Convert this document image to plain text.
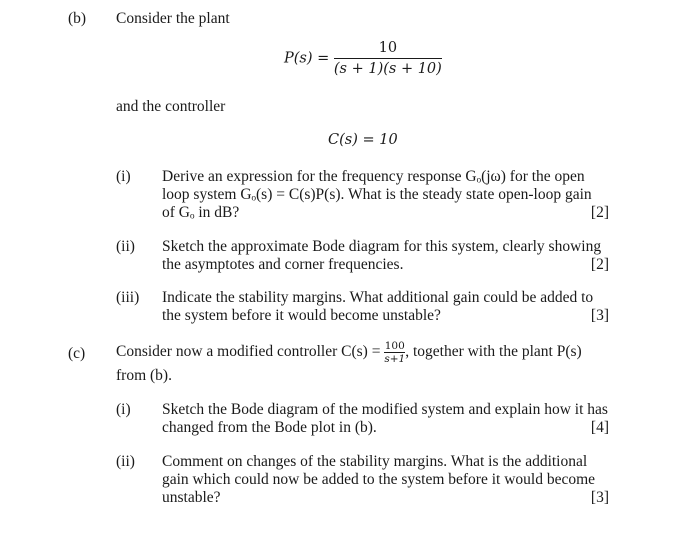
(b) Consider the plant
$P(s) = \frac{10}{(s + 1)(s + 10)}$
and the controller
C(s) = 10
(i) Derive an expression for the frequency response Gₒ(jω) for the open
loop system Gₒ(s) = C(s)P(s). What is the steady state open-loop gain
of Gₒ in dB?	[2]
(ii) Sketch the approximate Bode diagram for this system, clearly showing
the asymptotes and corner frequencies.	[2]
(iii) Indicate the stability margins. What additional gain could be added to
the system before it would become unstable?	[3]
(c) Consider now a modified controller $C(s) = \frac{100}{s+1}$ , together with the plant P(s)
from (b).
(i) Sketch the Bode diagram of the modified system and explain how it has
changed from the Bode plot in (b).	[4]
(ii) Comment on changes of the stability margins. What is the additional
gain which could now be added to the system before it would become
unstable?	[3]
